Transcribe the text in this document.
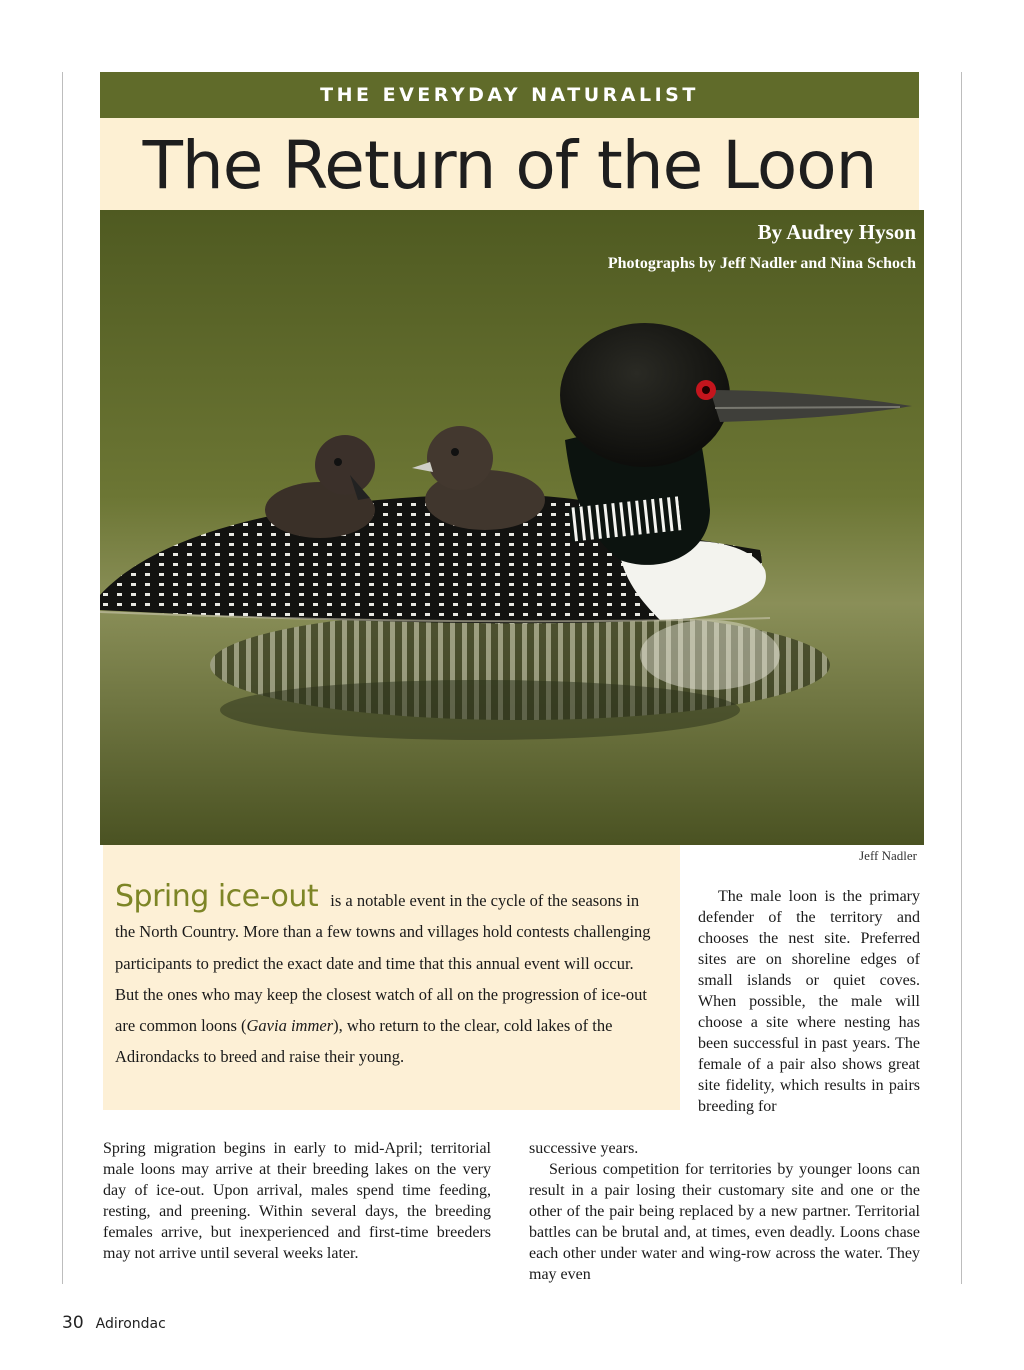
THE EVERYDAY NATURALIST
The Return of the Loon
By Audrey Hyson
Photographs by Jeff Nadler and Nina Schoch
Jeff Nadler

Spring ice-out is a notable event in the cycle of the seasons in the North Country. More than a few towns and villages hold contests challenging participants to predict the exact date and time that this annual event will occur. But the ones who may keep the closest watch of all on the progression of ice-out are common loons (Gavia immer), who return to the clear, cold lakes of the Adirondacks to breed and raise their young.

The male loon is the primary defender of the territory and chooses the nest site. Preferred sites are on shoreline edges of small islands or quiet coves. When possible, the male will choose a site where nesting has been successful in past years. The female of a pair also shows great site fidelity, which results in pairs breeding for

Spring migration begins in early to mid-April; territorial male loons may arrive at their breeding lakes on the very day of ice-out. Upon arrival, males spend time feeding, resting, and preening. Within several days, the breeding females arrive, but inexperienced and first-time breeders may not arrive until several weeks later.

successive years.

Serious competition for territories by younger loons can result in a pair losing their customary site and one or the other of the pair being replaced by a new partner. Territorial battles can be brutal and, at times, even deadly. Loons chase each other under water and wing-row across the water. They may even

30 Adirondac
